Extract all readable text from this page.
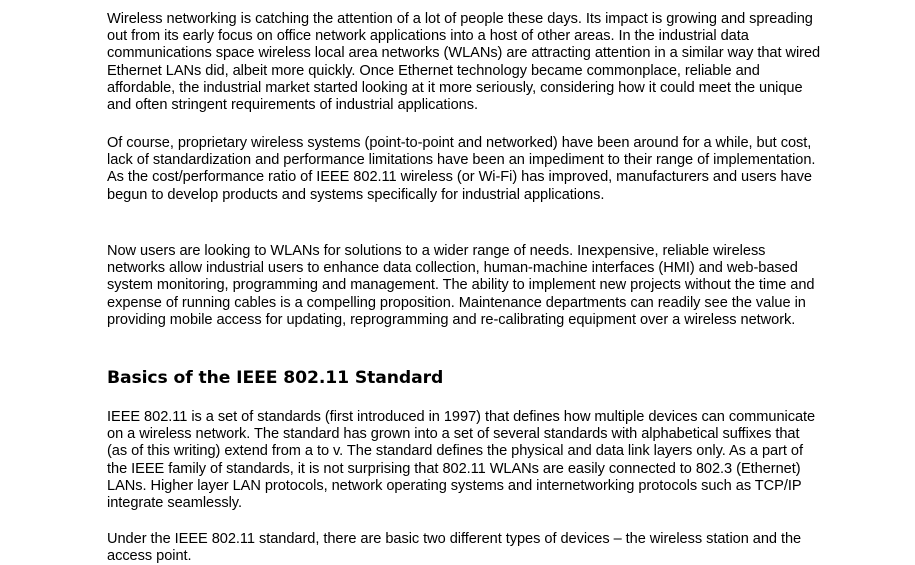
Wireless networking is catching the attention of a lot of people these days. Its impact is growing and spreading out from its early focus on office network applications into a host of other areas. In the industrial data communications space wireless local area networks (WLANs) are attracting attention in a similar way that wired Ethernet LANs did, albeit more quickly. Once Ethernet technology became commonplace, reliable and affordable, the industrial market started looking at it more seriously, considering how it could meet the unique and often stringent requirements of industrial applications.

Of course, proprietary wireless systems (point-to-point and networked) have been around for a while, but cost, lack of standardization and performance limitations have been an impediment to their range of implementation. As the cost/performance ratio of IEEE 802.11 wireless (or Wi-Fi) has improved, manufacturers and users have begun to develop products and systems specifically for industrial applications.

Now users are looking to WLANs for solutions to a wider range of needs. Inexpensive, reliable wireless networks allow industrial users to enhance data collection, human-machine interfaces (HMI) and web-based system monitoring, programming and management. The ability to implement new projects without the time and expense of running cables is a compelling proposition. Maintenance departments can readily see the value in providing mobile access for updating, reprogramming and re-calibrating equipment over a wireless network.

Basics of the IEEE 802.11 Standard

IEEE 802.11 is a set of standards (first introduced in 1997) that defines how multiple devices can communicate on a wireless network. The standard has grown into a set of several standards with alphabetical suffixes that (as of this writing) extend from a to v. The standard defines the physical and data link layers only. As a part of the IEEE family of standards, it is not surprising that 802.11 WLANs are easily connected to 802.3 (Ethernet) LANs. Higher layer LAN protocols, network operating systems and internetworking protocols such as TCP/IP integrate seamlessly.

Under the IEEE 802.11 standard, there are basic two different types of devices – the wireless station and the access point.
